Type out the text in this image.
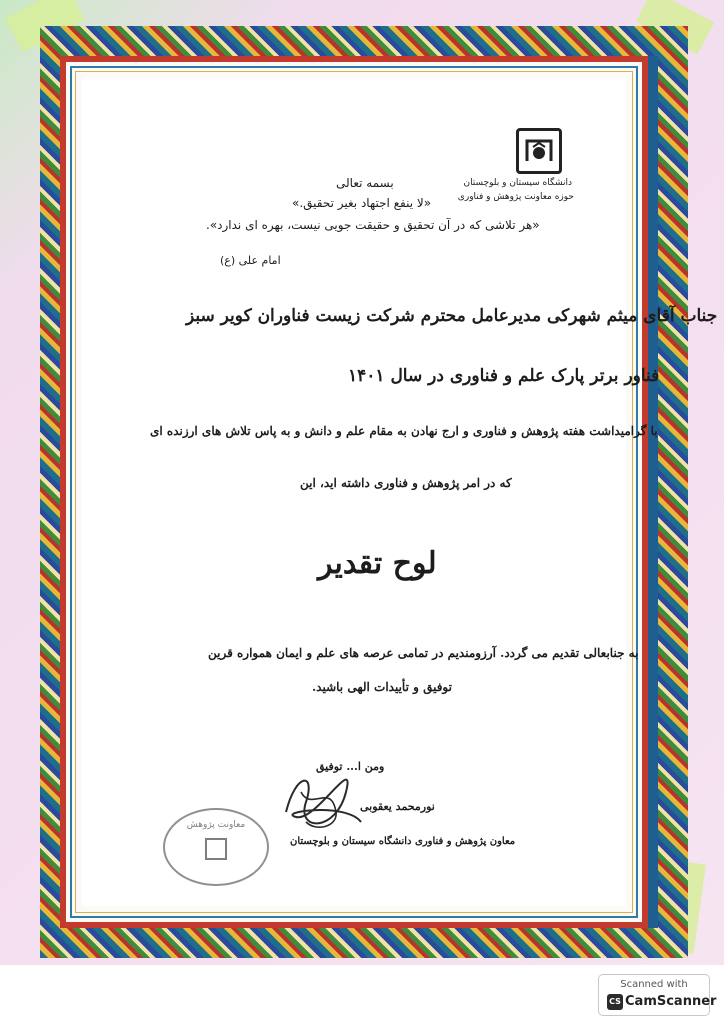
دانشگاه سیستان و بلوچستان
حوزه معاونت پژوهش و فناوری
بسمه تعالی
«لا ینفع اجتهاد بغیر تحقیق.»
«هر تلاشی که در آن تحقیق و حقیقت جویی نیست، بهره ای ندارد».
امام علی (ع)
جناب آقای میثم شهرکی مدیرعامل محترم شرکت زیست فناوران کویر سبز
فناور برتر پارک علم و فناوری در سال ۱۴۰۱
با گرامیداشت هفته پژوهش و فناوری و ارج نهادن به مقام علم و دانش و به پاس تلاش های ارزنده ای
که در امر پژوهش و فناوری داشته اید، این
لوح تقدیر
به جنابعالی تقدیم می گردد. آرزومندیم در تمامی عرصه های علم و ایمان همواره قرین
توفیق و تأییدات الهی باشید.
ومن ا... توفیق
نورمحمد یعقوبی
معاون پژوهش و فناوری دانشگاه سیستان و بلوچستان
معاونت پژوهش
Scanned with
CS CamScanner
